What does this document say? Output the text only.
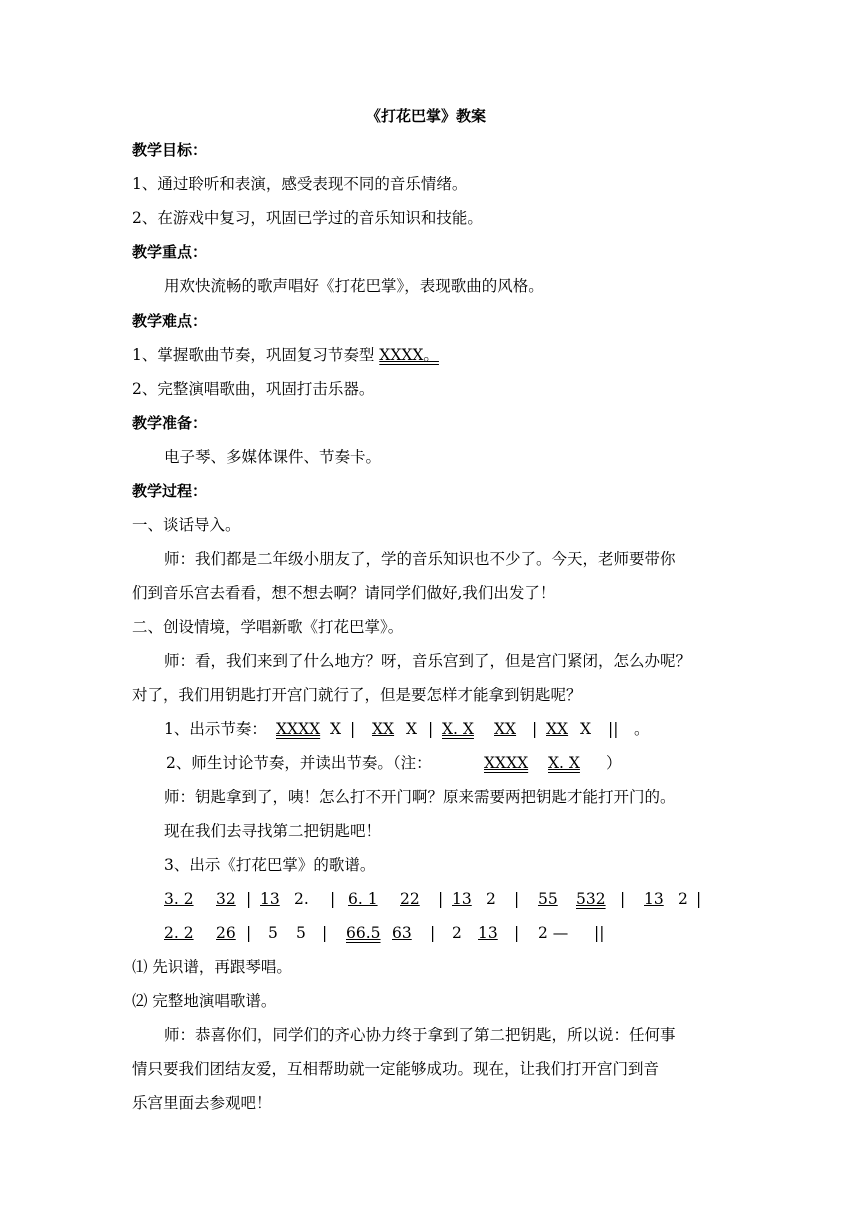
《打花巴掌》教案
教学目标：
1、通过聆听和表演，感受表现不同的音乐情绪。
2、在游戏中复习，巩固已学过的音乐知识和技能。
教学重点：
用欢快流畅的歌声唱好《打花巴掌》，表现歌曲的风格。
教学难点：
1、掌握歌曲节奏，巩固复习节奏型 XXXX。
2、完整演唱歌曲，巩固打击乐器。
教学准备：
电子琴、多媒体课件、节奏卡。
教学过程：
一、谈话导入。
师：我们都是二年级小朋友了，学的音乐知识也不少了。今天，老师要带你
们到音乐宫去看看，想不想去啊？请同学们做好,我们出发了！
二、创设情境，学唱新歌《打花巴掌》。
师：看，我们来到了什么地方？呀，音乐宫到了，但是宫门紧闭，怎么办呢？
对了，我们用钥匙打开宫门就行了，但是要怎样才能拿到钥匙呢？
1、出示节奏： XXXX X | XX X | X. X XX | XX X || 。
2、师生讨论节奏，并读出节奏。（注：	XXXX X. X ）
师：钥匙拿到了，咦！怎么打不开门啊？原来需要两把钥匙才能打开门的。
现在我们去寻找第二把钥匙吧！
3、出示《打花巴掌》的歌谱。
3. 2 32 | 13 2. | 6. 1 22 | 13 2 | 55 532 | 13 2 |
2. 2 26 | 5 5 | 66.5 63 | 2 13 | 2 — ||
⑴ 先识谱，再跟琴唱。
⑵ 完整地演唱歌谱。
师：恭喜你们，同学们的齐心协力终于拿到了第二把钥匙，所以说：任何事
情只要我们团结友爱，互相帮助就一定能够成功。现在，让我们打开宫门到音
乐宫里面去参观吧！
